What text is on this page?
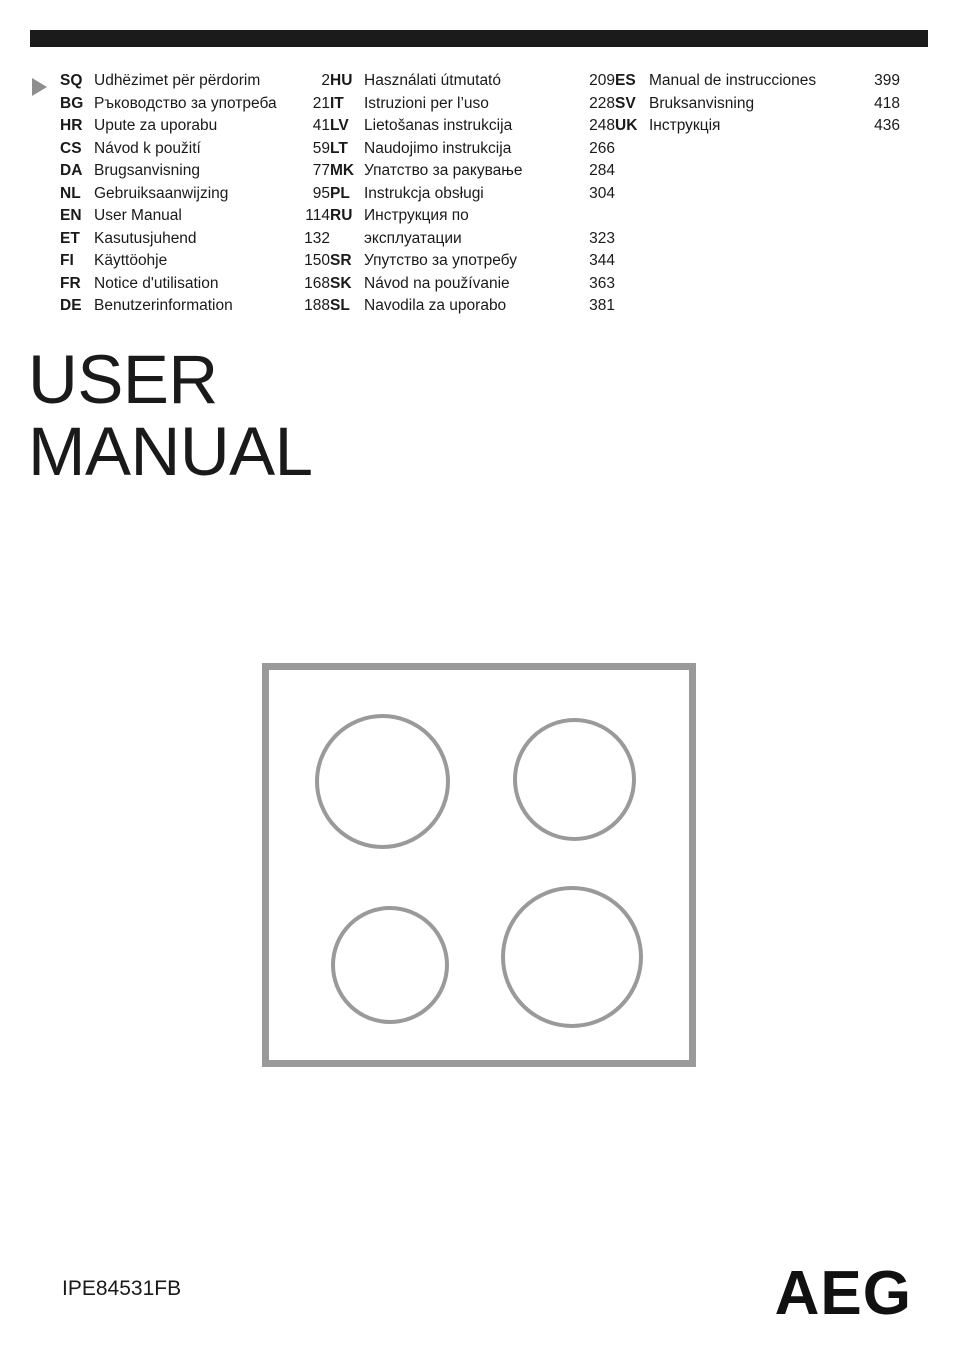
SQ Udhëzimet për përdorim	2
BG Ръководство за употреба	21
HR Upute za uporabu	41
CS Návod k použití	59
DA Brugsanvisning	77
NL Gebruiksaanwijzing	95
EN User Manual	114
ET Kasutusjuhend	132
FI	Käyttöohje	150
FR Notice d'utilisation	168
DE Benutzerinformation	188
HU Használati útmutató	209
IT	Istruzioni per l’uso	228
LV Lietošanas instrukcija	248
LT	Naudojimo instrukcija	266
MK Упатство за ракување	284
PL Instrukcja obsługi	304
RU Инструкция по
эксплуатации	323
SR Упутство за употребу	344
SK Návod na používanie	363
SL Navodila za uporabo	381
ES Manual de instrucciones	399
SV Bruksanvisning	418
UK Інструкція	436
USER
MANUAL
IPE84531FB	AEG
